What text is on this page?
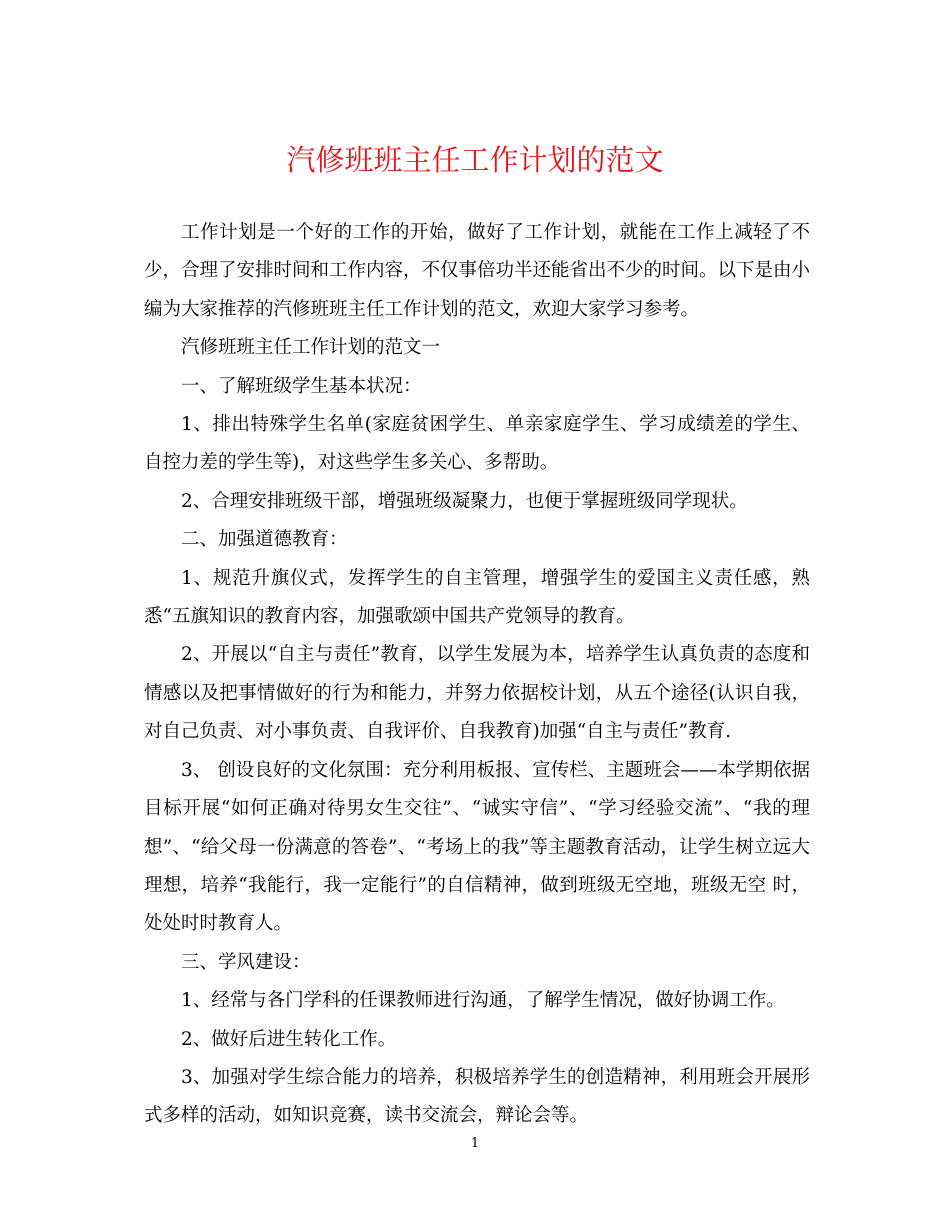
汽修班班主任工作计划的范文

工作计划是一个好的工作的开始，做好了工作计划，就能在工作上减轻了不少，合理了安排时间和工作内容，不仅事倍功半还能省出不少的时间。以下是由小编为大家推荐的汽修班班主任工作计划的范文，欢迎大家学习参考。

汽修班班主任工作计划的范文一

一、了解班级学生基本状况：

1、排出特殊学生名单(家庭贫困学生、单亲家庭学生、学习成绩差的学生、自控力差的学生等)，对这些学生多关心、多帮助。

2、合理安排班级干部，增强班级凝聚力，也便于掌握班级同学现状。

二、加强道德教育：

1、规范升旗仪式，发挥学生的自主管理，增强学生的爱国主义责任感，熟悉“五旗知识的教育内容，加强歌颂中国共产党领导的教育。

2、开展以“自主与责任”教育，以学生发展为本，培养学生认真负责的态度和情感以及把事情做好的行为和能力，并努力依据校计划，从五个途径(认识自我，对自己负责、对小事负责、自我评价、自我教育)加强“自主与责任”教育.

3、 创设良好的文化氛围：充分利用板报、宣传栏、主题班会——本学期依据目标开展“如何正确对待男女生交往”、“诚实守信”、“学习经验交流”、“我的理想”、“给父母一份满意的答卷”、“考场上的我”等主题教育活动，让学生树立远大理想，培养“我能行，我一定能行”的自信精神，做到班级无空地，班级无空 时，处处时时教育人。

三、学风建设：

1、经常与各门学科的任课教师进行沟通，了解学生情况，做好协调工作。

2、做好后进生转化工作。

3、加强对学生综合能力的培养，积极培养学生的创造精神，利用班会开展形式多样的活动，如知识竞赛，读书交流会，辩论会等。

1
